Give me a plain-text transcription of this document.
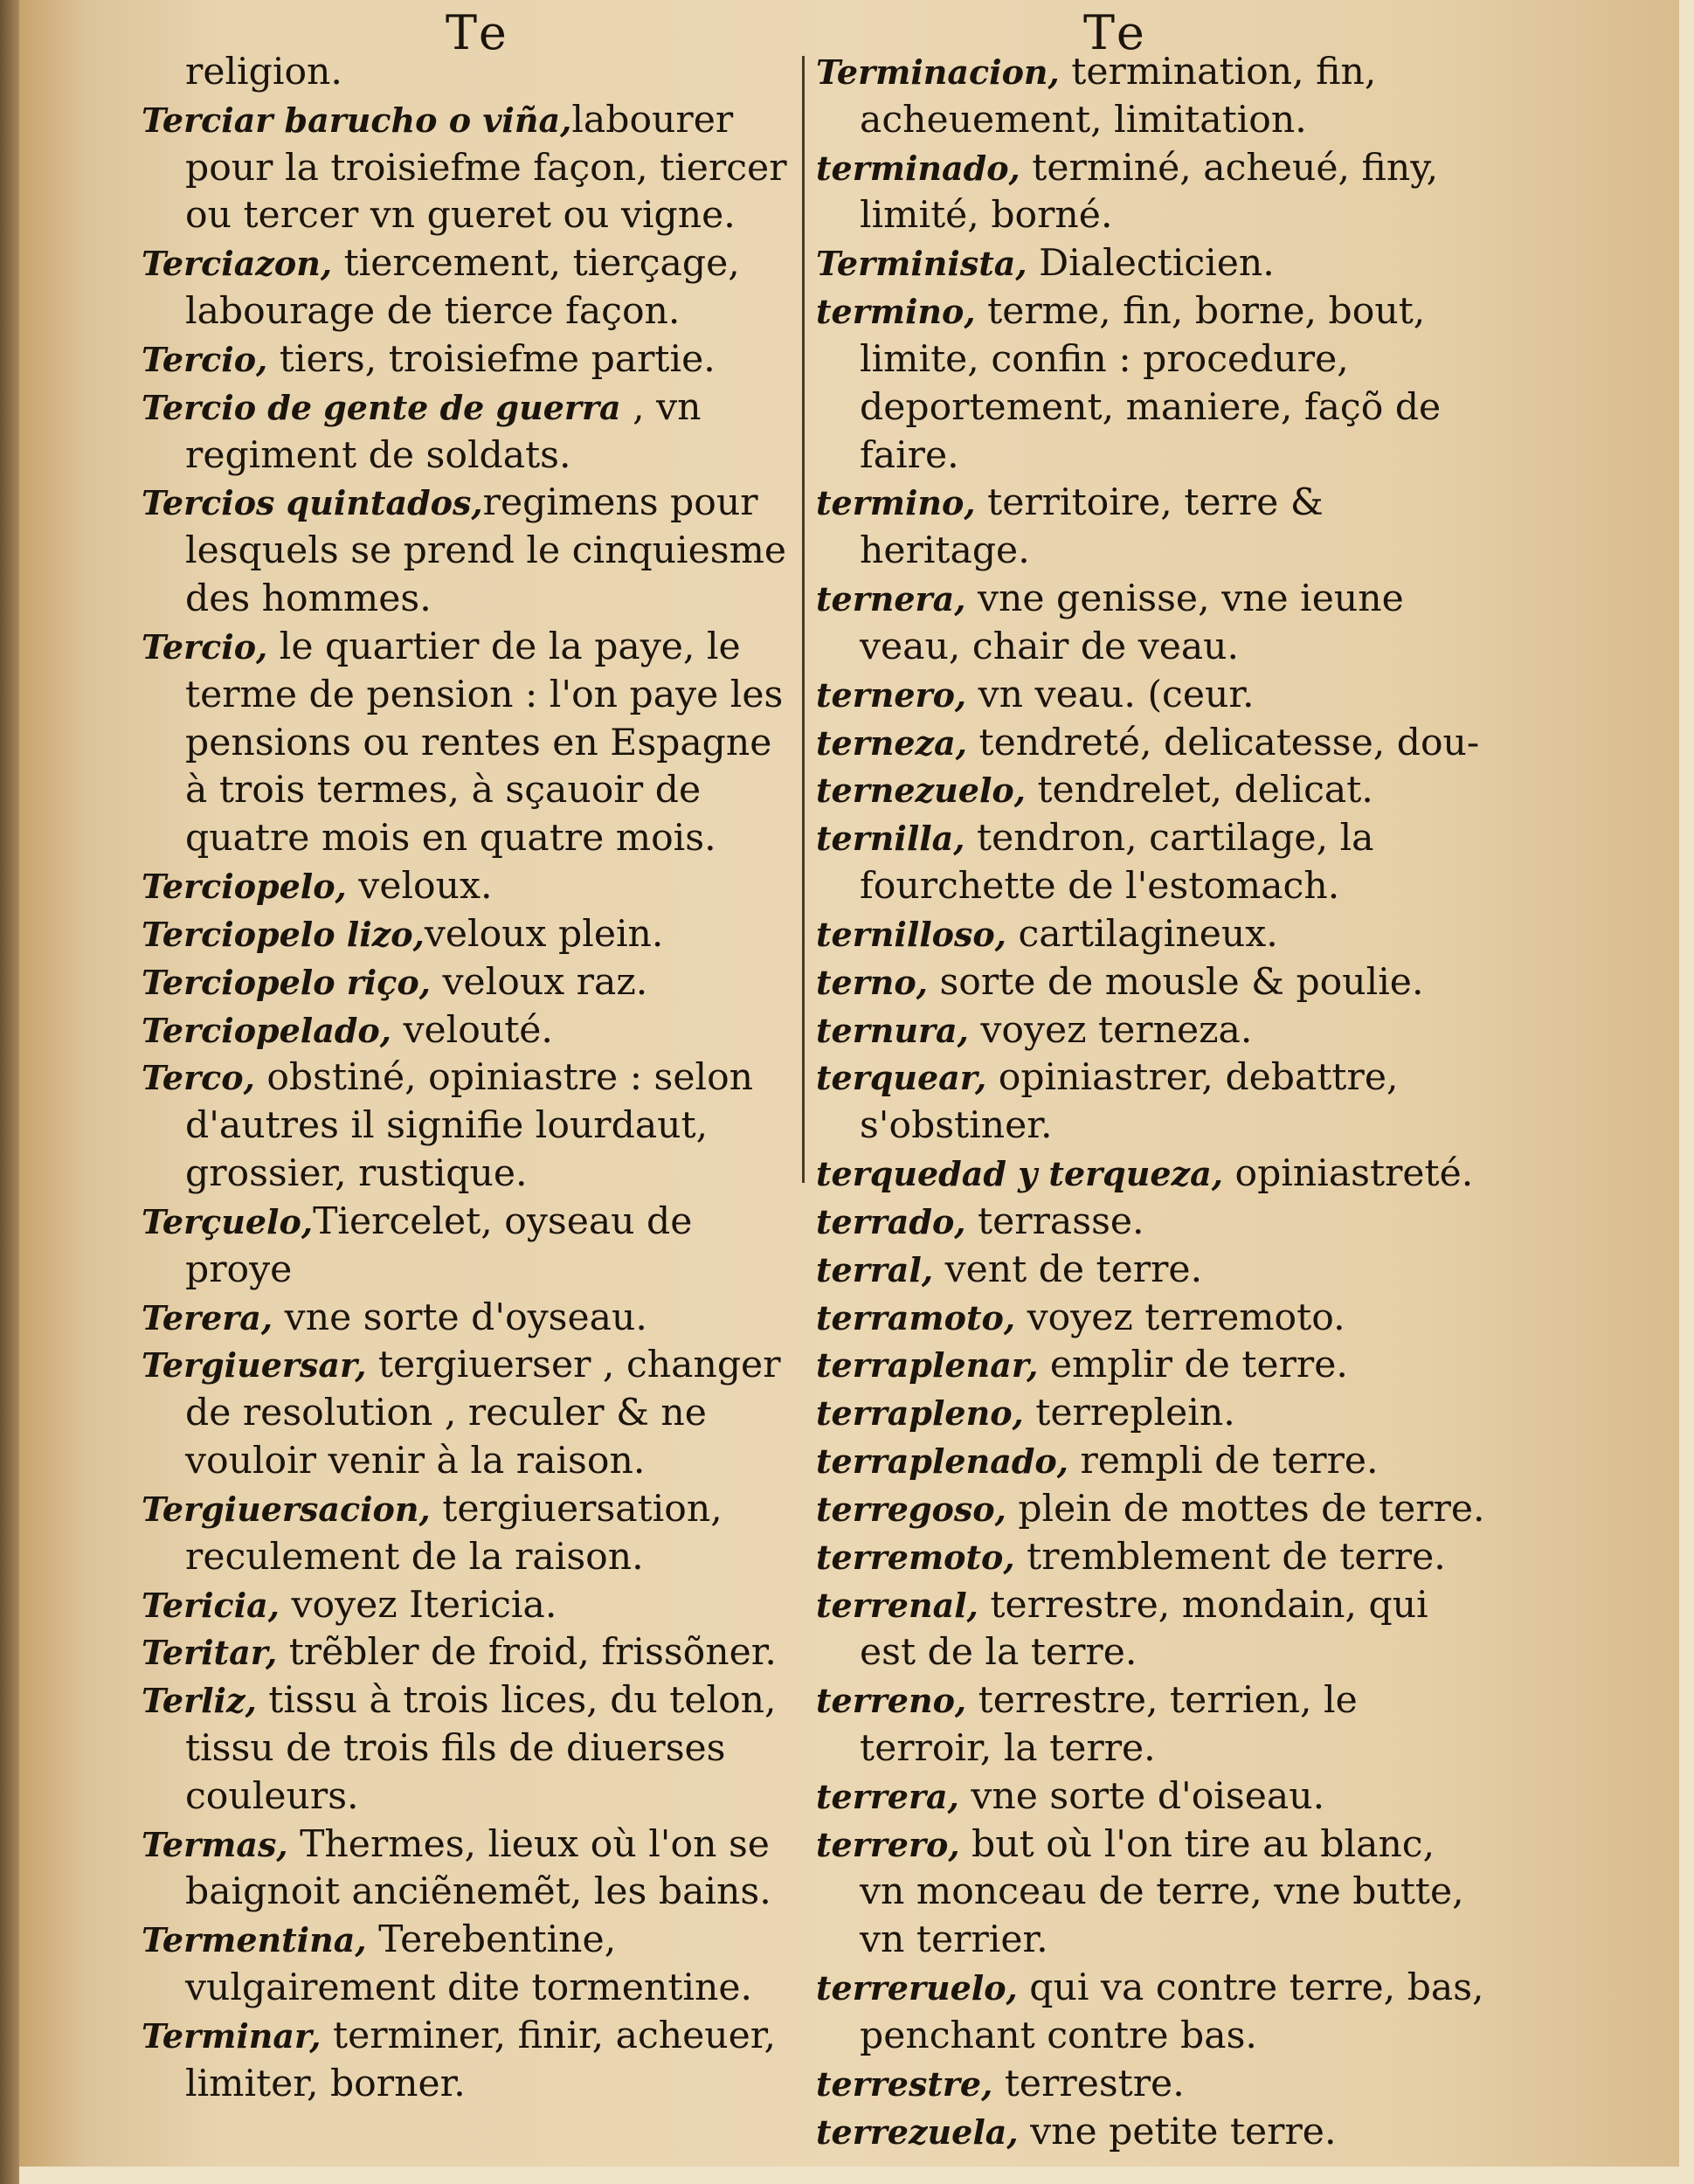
Te	Te
religion.
Terciar barucho o viña,labourer pour la troisiefme façon, tiercer ou tercer vn gueret ou vigne.
Terciazon, tiercement, tierçage, labourage de tierce façon.
Tercio, tiers, troisiefme partie.
Tercio de gente de guerra , vn regiment de soldats.
Tercios quintados,regimens pour lesquels se prend le cinquiesme des hommes.
Tercio, le quartier de la paye, le terme de pension : l'on paye les pensions ou rentes en Espagne à trois termes, à sçauoir de quatre mois en quatre mois.
Terciopelo, veloux.
Terciopelo lizo,veloux plein.
Terciopelo riço, veloux raz.
Terciopelado, velouté.
Terco, obstiné, opiniastre : selon d'autres il signifie lourdaut, grossier, rustique.
Terçuelo,Tiercelet, oyseau de proye
Terera, vne sorte d'oyseau.
Tergiuersar, tergiuerser , changer de resolution , reculer & ne vouloir venir à la raison.
Tergiuersacion, tergiuersation, reculement de la raison.
Tericia, voyez Itericia.
Teritar, trẽbler de froid, frissõner.
Terliz, tissu à trois lices, du telon, tissu de trois fils de diuerses couleurs.
Termas, Thermes, lieux où l'on se baignoit anciẽnemẽt, les bains.
Termentina, Terebentine, vulgairement dite tormentine.
Terminar, terminer, finir, acheuer, limiter, borner.
Terminacion, termination, fin, acheuement, limitation.
terminado, terminé, acheué, finy, limité, borné.
Terminista, Dialecticien.
termino, terme, fin, borne, bout, limite, confin : procedure, deportement, maniere, façõ de faire.
termino, territoire, terre & heritage.
ternera, vne genisse, vne ieune veau, chair de veau.
ternero, vn veau. (ceur.
terneza, tendreté, delicatesse, dou-
ternezuelo, tendrelet, delicat.
ternilla, tendron, cartilage, la fourchette de l'estomach.
ternilloso, cartilagineux.
terno, sorte de mousle & poulie.
ternura, voyez terneza.
terquear, opiniastrer, debattre, s'obstiner.
terquedad y terqueza, opiniastreté.
terrado, terrasse.
terral, vent de terre.
terramoto, voyez terremoto.
terraplenar, emplir de terre.
terrapleno, terreplein.
terraplenado, rempli de terre.
terregoso, plein de mottes de terre.
terremoto, tremblement de terre.
terrenal, terrestre, mondain, qui est de la terre.
terreno, terrestre, terrien, le terroir, la terre.
terrera, vne sorte d'oiseau.
terrero, but où l'on tire au blanc, vn monceau de terre, vne butte, vn terrier.
terreruelo, qui va contre terre, bas, penchant contre bas.
terrestre, terrestre.
terrezuela, vne petite terre.
